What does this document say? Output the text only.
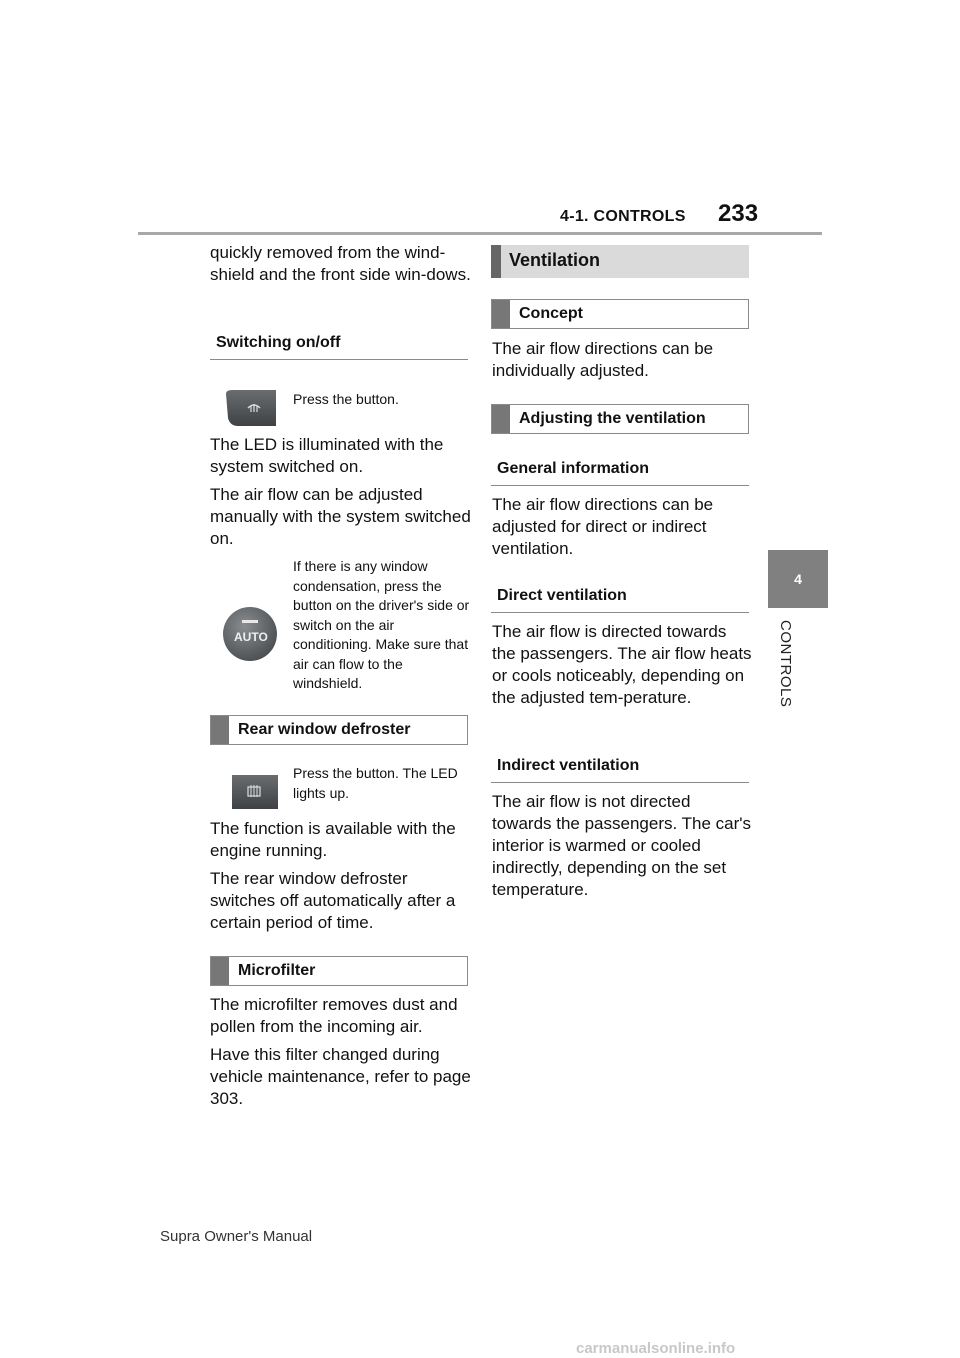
4-1. CONTROLS 233
4
CONTROLS
quickly removed from the wind-shield and the front side win-dows.
Switching on/off
Press the button.
The LED is illuminated with the system switched on.
The air flow can be adjusted manually with the system switched on.
AUTO
If there is any window condensation, press the button on the driver's side or switch on the air conditioning. Make sure that air can flow to the windshield.
Rear window defroster
Press the button. The LED lights up.
The function is available with the engine running.
The rear window defroster switches off automatically after a certain period of time.
Microfilter
The microfilter removes dust and pollen from the incoming air.
Have this filter changed during vehicle maintenance, refer to page 303.
Ventilation
Concept
The air flow directions can be individually adjusted.
Adjusting the ventilation
General information
The air flow directions can be adjusted for direct or indirect ventilation.
Direct ventilation
The air flow is directed towards the passengers. The air flow heats or cools noticeably, depending on the adjusted tem-perature.
Indirect ventilation
The air flow is not directed towards the passengers. The car's interior is warmed or cooled indirectly, depending on the set temperature.
Supra Owner's Manual
carmanualsonline.info
